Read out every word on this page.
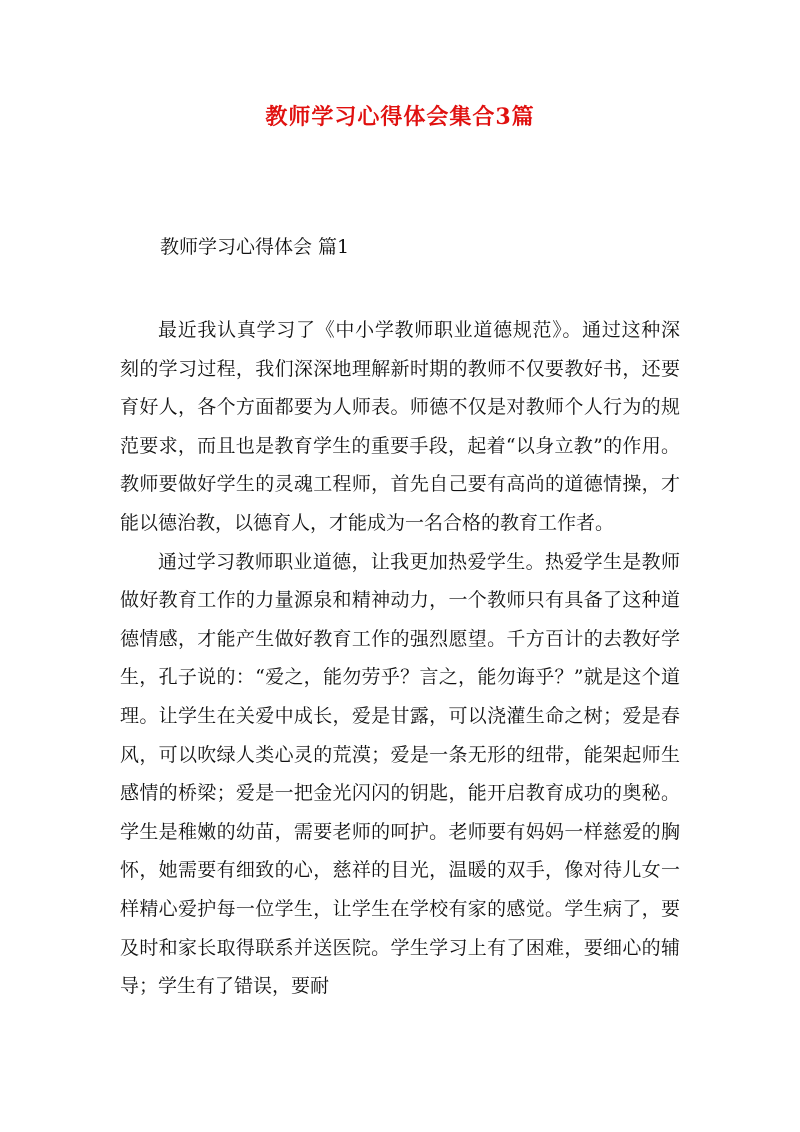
教师学习心得体会集合3篇
教师学习心得体会 篇1

最近我认真学习了《中小学教师职业道德规范》。通过这种深刻的学习过程，我们深深地理解新时期的教师不仅要教好书，还要育好人，各个方面都要为人师表。师德不仅是对教师个人行为的规范要求，而且也是教育学生的重要手段，起着“以身立教”的作用。教师要做好学生的灵魂工程师，首先自己要有高尚的道德情操，才能以德治教，以德育人，才能成为一名合格的教育工作者。

通过学习教师职业道德，让我更加热爱学生。热爱学生是教师做好教育工作的力量源泉和精神动力，一个教师只有具备了这种道德情感，才能产生做好教育工作的强烈愿望。千方百计的去教好学生，孔子说的：“爱之，能勿劳乎？言之，能勿诲乎？”就是这个道理。让学生在关爱中成长，爱是甘露，可以浇灌生命之树；爱是春风，可以吹绿人类心灵的荒漠；爱是一条无形的纽带，能架起师生感情的桥梁；爱是一把金光闪闪的钥匙，能开启教育成功的奥秘。学生是稚嫩的幼苗，需要老师的呵护。老师要有妈妈一样慈爱的胸怀，她需要有细致的心，慈祥的目光，温暖的双手，像对待儿女一样精心爱护每一位学生，让学生在学校有家的感觉。学生病了，要及时和家长取得联系并送医院。学生学习上有了困难，要细心的辅导；学生有了错误，要耐
